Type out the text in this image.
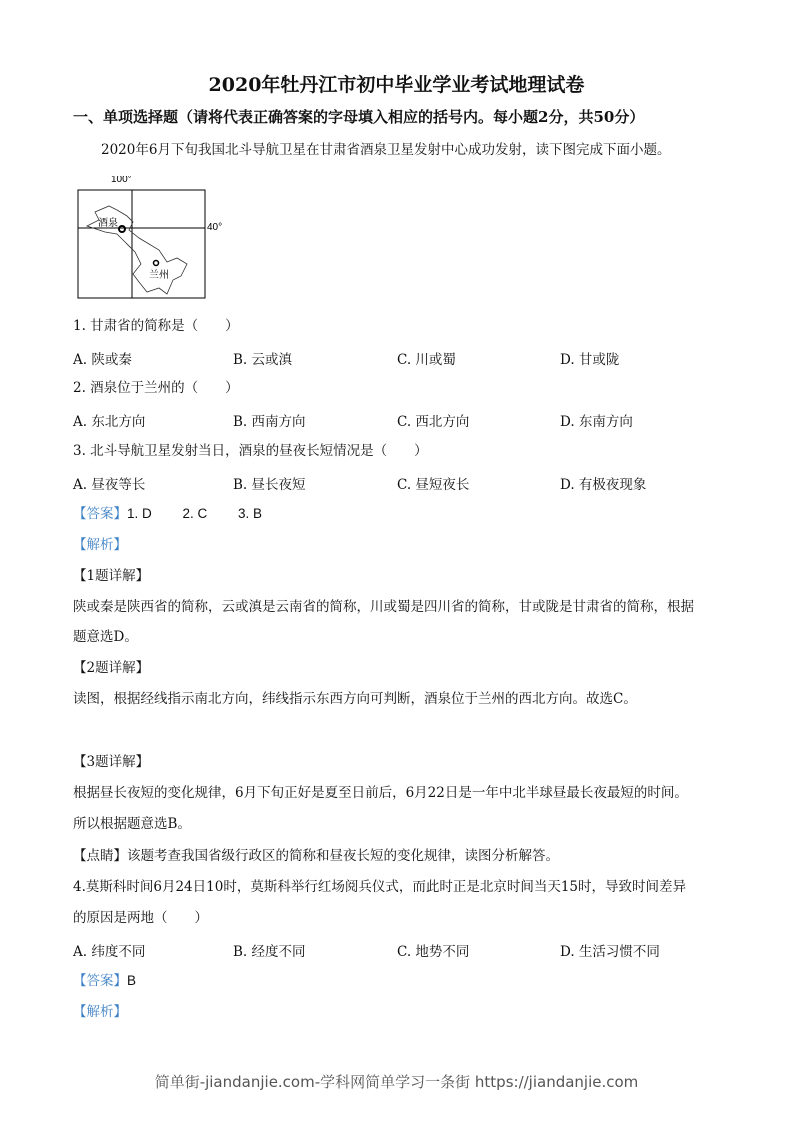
2020年牡丹江市初中毕业学业考试地理试卷
一、单项选择题（请将代表正确答案的字母填入相应的括号内。每小题2分，共50分）
2020年6月下旬我国北斗导航卫星在甘肃省酒泉卫星发射中心成功发射，读下图完成下面小题。
100°
40°
酒泉
兰州
1. 甘肃省的简称是（　　）
A. 陕或秦	B. 云或滇	C. 川或蜀	D. 甘或陇
2. 酒泉位于兰州的（　　）
A. 东北方向	B. 西南方向	C. 西北方向	D. 东南方向
3. 北斗导航卫星发射当日，酒泉的昼夜长短情况是（　　）
A. 昼夜等长	B. 昼长夜短	C. 昼短夜长	D. 有极夜现象
【答案】1. D　　 2. C　　 3. B
【解析】
【1题详解】
陕或秦是陕西省的简称，云或滇是云南省的简称，川或蜀是四川省的简称，甘或陇是甘肃省的简称，根据
题意选D。
【2题详解】
读图，根据经线指示南北方向，纬线指示东西方向可判断，酒泉位于兰州的西北方向。故选C。
【3题详解】
根据昼长夜短的变化规律，6月下旬正好是夏至日前后，6月22日是一年中北半球昼最长夜最短的时间。
所以根据题意选B。
【点睛】该题考查我国省级行政区的简称和昼夜长短的变化规律，读图分析解答。
4.莫斯科时间6月24日10时，莫斯科举行红场阅兵仪式，而此时正是北京时间当天15时，导致时间差异
的原因是两地（　　）
A. 纬度不同	B. 经度不同	C. 地势不同	D. 生活习惯不同
【答案】B
【解析】
简单街-jiandanjie.com-学科网简单学习一条街 https://jiandanjie.com
